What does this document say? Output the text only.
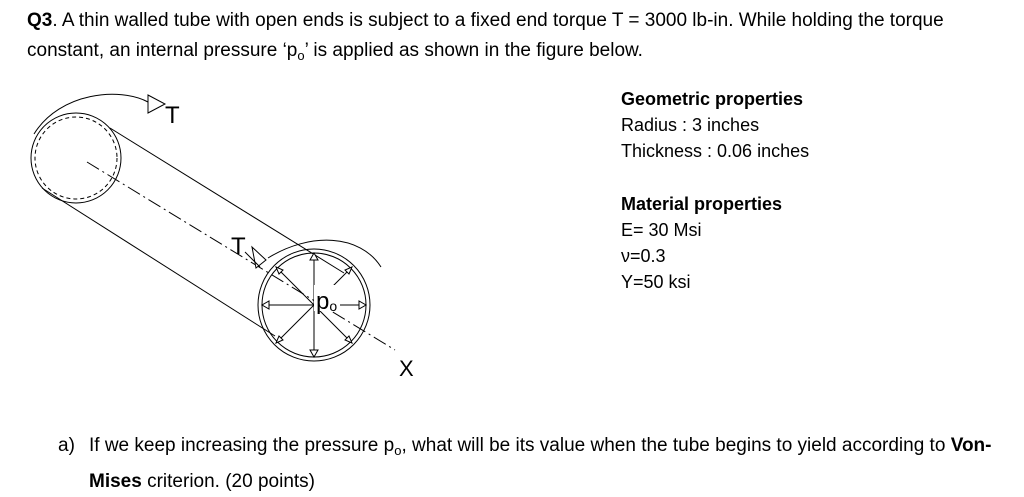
Q3. A thin walled tube with open ends is subject to a fixed end torque T = 3000 lb-in. While holding the torque constant, an internal pressure ‘$p_o$’ is applied as shown in the figure below.

T
T
po
X
Geometric properties
Radius : 3 inches
Thickness : 0.06 inches
Material properties
E= 30 Msi
ν=0.3
Y=50 ksi
a) If we keep increasing the pressure $p_o$, what will be its value when the tube begins to yield according to Von-Mises criterion. (20 points)
